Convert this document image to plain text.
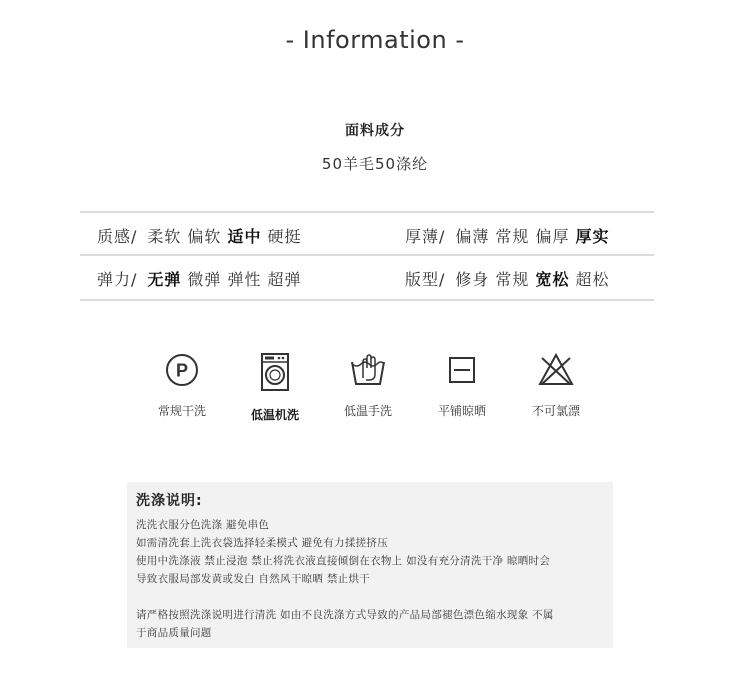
- Information -
面料成分
50羊毛50涤纶
质感/ 柔软 偏软 适中 硬挺	厚薄/ 偏薄 常规 偏厚 厚实
弹力/ 无弹 微弹 弹性 超弹	版型/ 修身 常规 宽松 超松
P
常规干洗	低温机洗	低温手洗	平铺晾晒	不可氯漂
洗涤说明:
洗洗衣服分色洗涤 避免串色
如需清洗套上洗衣袋选择轻柔模式 避免有力揉搓挤压
使用中洗涤液 禁止浸泡 禁止将洗衣液直接倾倒在衣物上 如没有充分清洗干净 晾晒时会
导致衣服局部发黄或发白 自然风干晾晒 禁止烘干
请严格按照洗涤说明进行清洗 如由不良洗涤方式导致的产品局部褪色漂色缩水现象 不属
于商品质量问题
